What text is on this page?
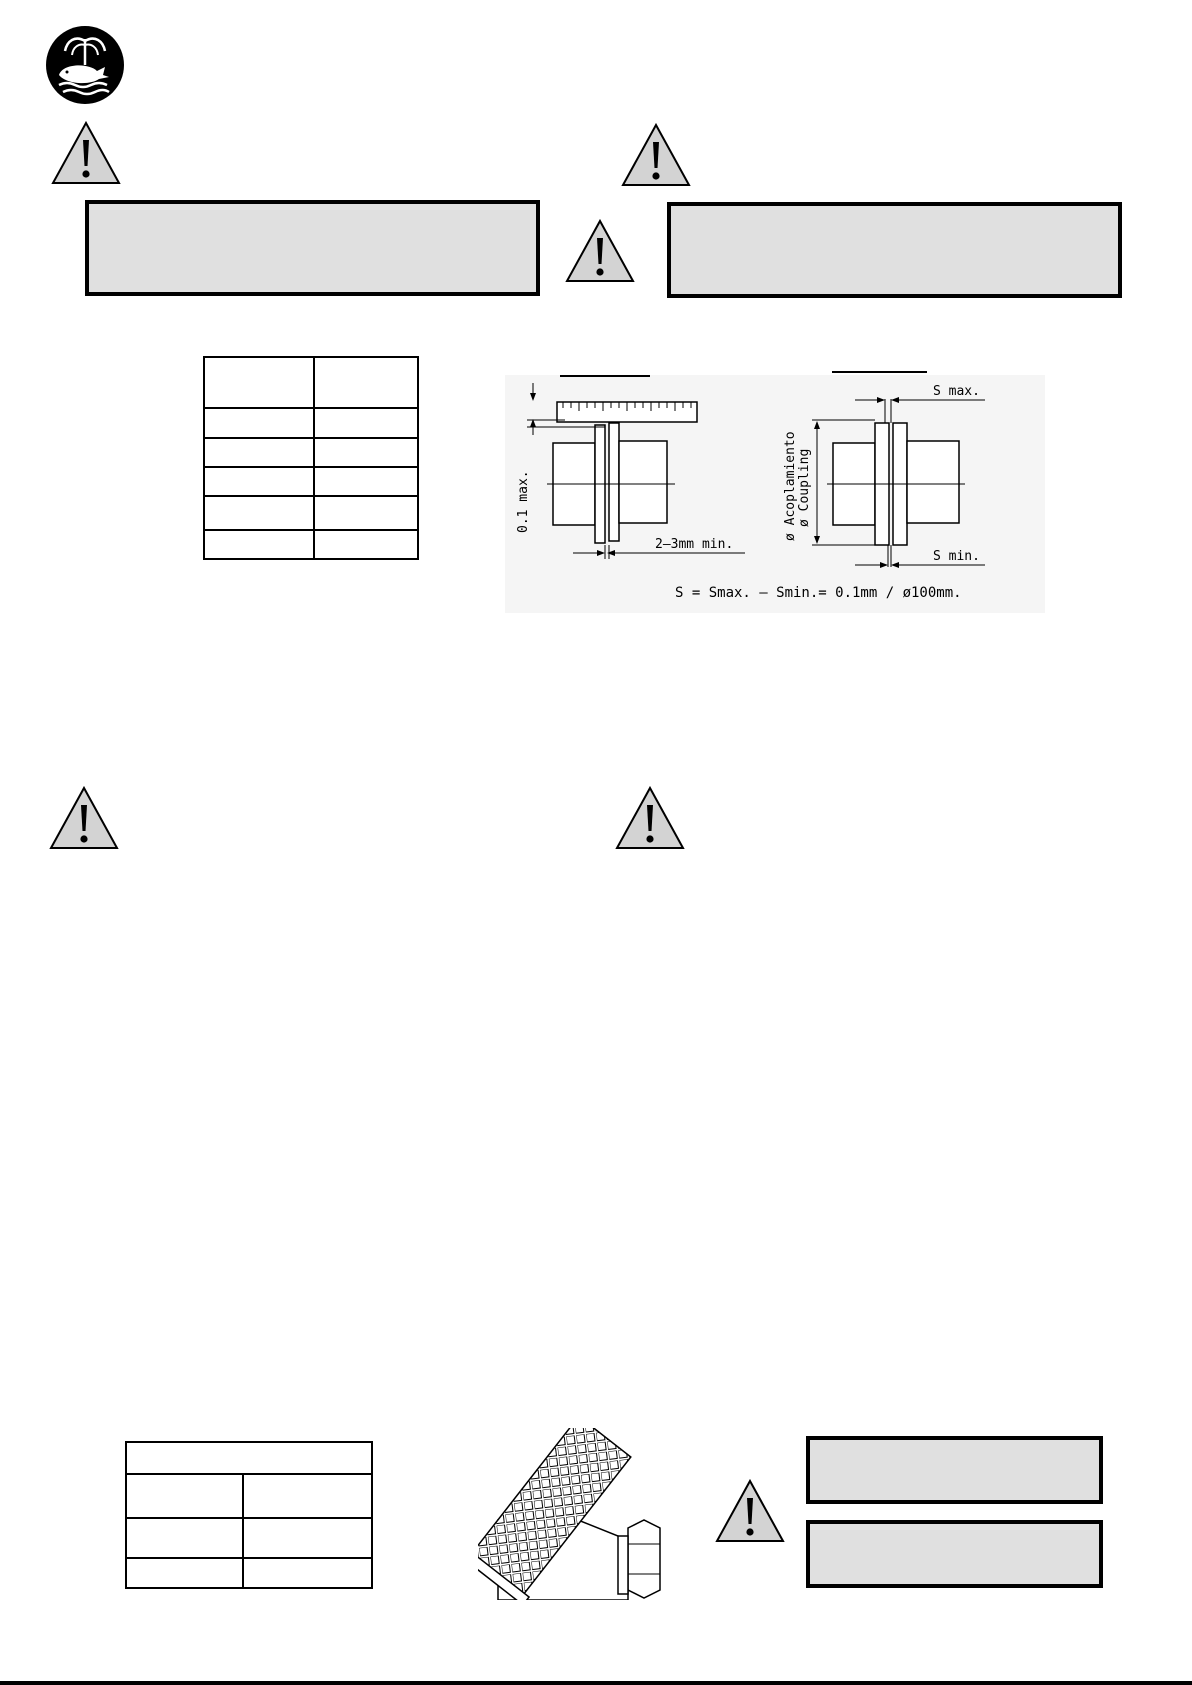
0.1 max.
2–3mm min.
ø Acoplamiento ø Coupling
S max.
S min.
S = Smax. – Smin.= 0.1mm / ø100mm.
